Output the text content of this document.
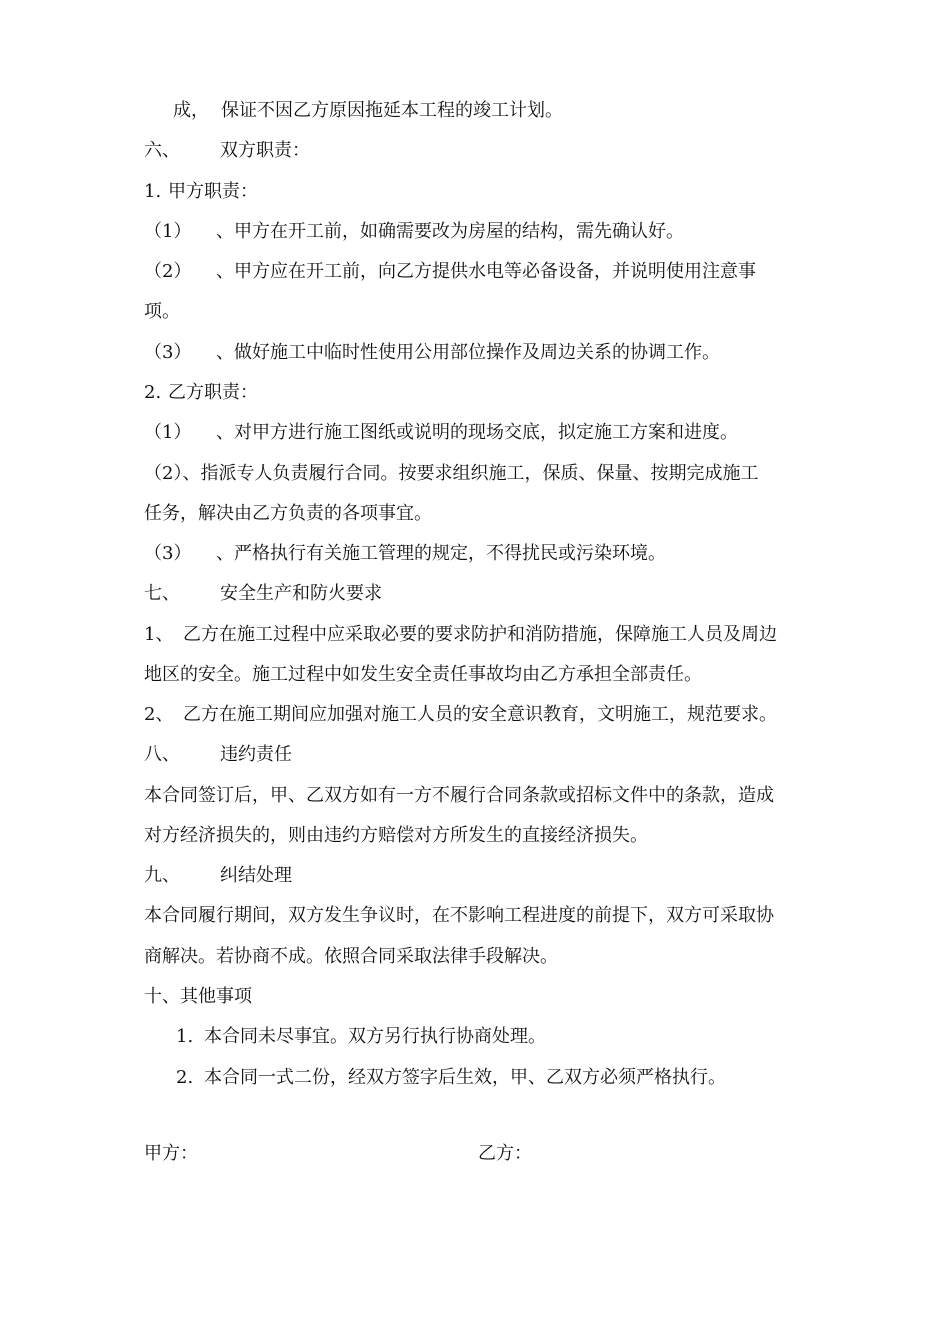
成， 保证不因乙方原因拖延本工程的竣工计划。
六、 双方职责：
1. 甲方职责：
（1） 、甲方在开工前，如确需要改为房屋的结构，需先确认好。
（2） 、甲方应在开工前，向乙方提供水电等必备设备，并说明使用注意事
项。
（3） 、做好施工中临时性使用公用部位操作及周边关系的协调工作。
2. 乙方职责：
（1） 、对甲方进行施工图纸或说明的现场交底，拟定施工方案和进度。
（2）、指派专人负责履行合同。按要求组织施工，保质、保量、按期完成施工
任务，解决由乙方负责的各项事宜。
（3） 、严格执行有关施工管理的规定，不得扰民或污染环境。
七、 安全生产和防火要求
1、 乙方在施工过程中应采取必要的要求防护和消防措施，保障施工人员及周边
地区的安全。施工过程中如发生安全责任事故均由乙方承担全部责任。
2、 乙方在施工期间应加强对施工人员的安全意识教育，文明施工，规范要求。
八、 违约责任
本合同签订后，甲、乙双方如有一方不履行合同条款或招标文件中的条款，造成
对方经济损失的，则由违约方赔偿对方所发生的直接经济损失。
九、 纠结处理
本合同履行期间，双方发生争议时，在不影响工程进度的前提下，双方可采取协
商解决。若协商不成。依照合同采取法律手段解决。
十、其他事项
1. 本合同未尽事宜。双方另行执行协商处理。
2. 本合同一式二份，经双方签字后生效，甲、乙双方必须严格执行。
甲方：	乙方：
